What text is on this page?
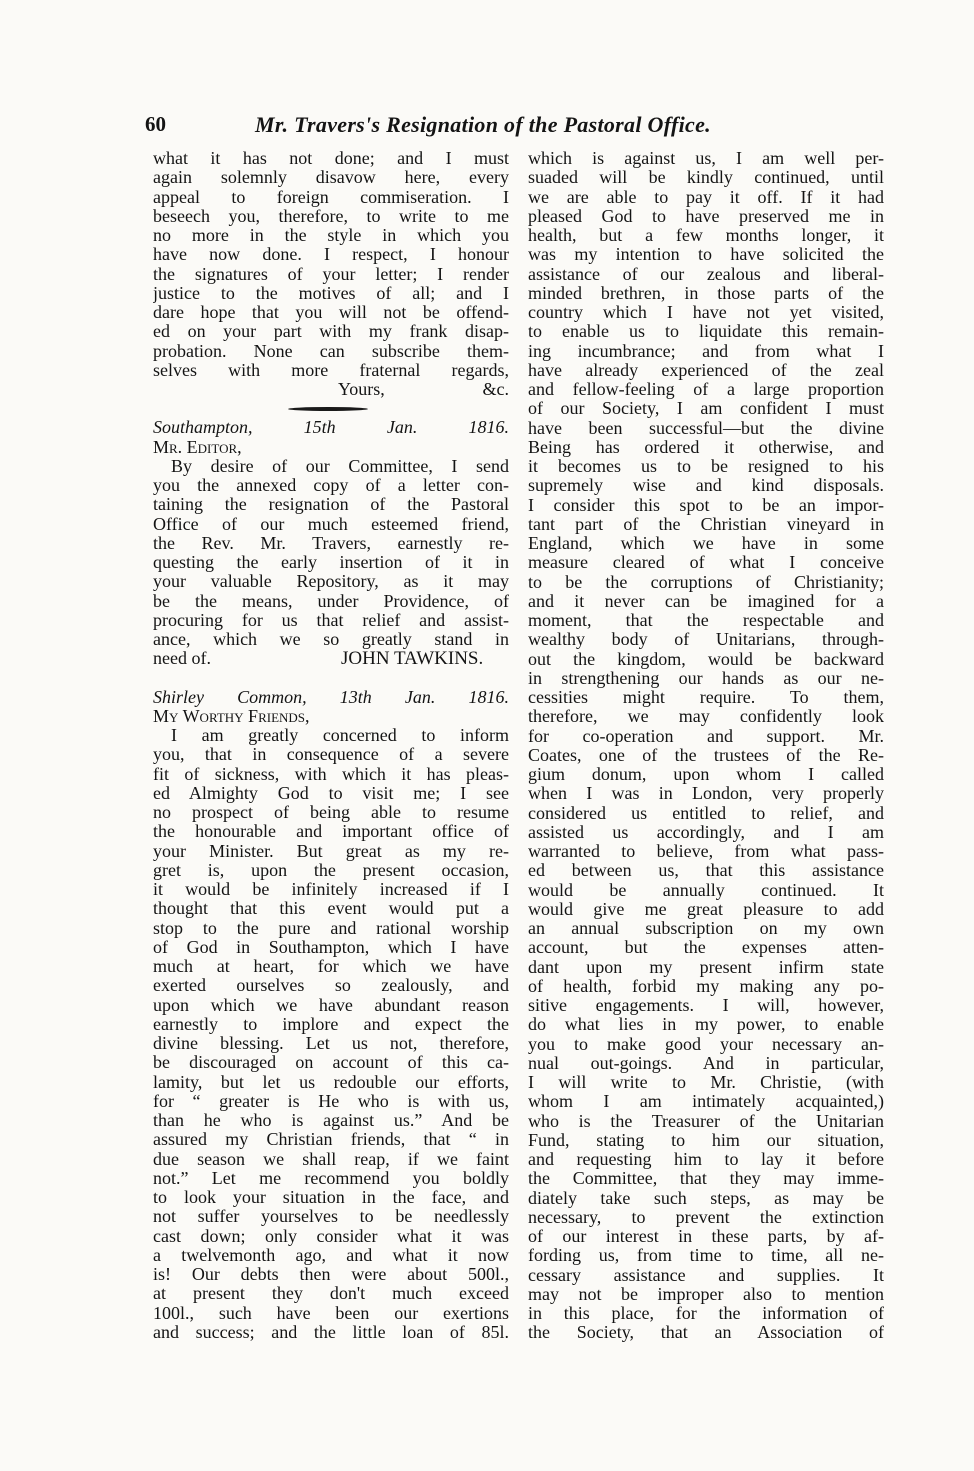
60	Mr. Travers's Resignation of the Pastoral Office.
what it has not done; and I must
again solemnly disavow here, every
appeal to foreign commiseration. I
beseech you, therefore, to write to me
no more in the style in which you
have now done. I respect, I honour
the signatures of your letter; I render
justice to the motives of all; and I
dare hope that you will not be offend-
ed on your part with my frank disap-
probation. None can subscribe them-
selves with more fraternal regards,
Yours, &c.
Southampton, 15th Jan. 1816.
Mr. Editor,
By desire of our Committee, I send
you the annexed copy of a letter con-
taining the resignation of the Pastoral
Office of our much esteemed friend,
the Rev. Mr. Travers, earnestly re-
questing the early insertion of it in
your valuable Repository, as it may
be the means, under Providence, of
procuring for us that relief and assist-
ance, which we so greatly stand in
need of.	JOHN TAWKINS.
Shirley Common, 13th Jan. 1816.
My Worthy Friends,
I am greatly concerned to inform
you, that in consequence of a severe
fit of sickness, with which it has pleas-
ed Almighty God to visit me; I see
no prospect of being able to resume
the honourable and important office of
your Minister. But great as my re-
gret is, upon the present occasion,
it would be infinitely increased if I
thought that this event would put a
stop to the pure and rational worship
of God in Southampton, which I have
much at heart, for which we have
exerted ourselves so zealously, and
upon which we have abundant reason
earnestly to implore and expect the
divine blessing. Let us not, therefore,
be discouraged on account of this ca-
lamity, but let us redouble our efforts,
for “ greater is He who is with us,
than he who is against us.” And be
assured my Christian friends, that “ in
due season we shall reap, if we faint
not.” Let me recommend you boldly
to look your situation in the face, and
not suffer yourselves to be needlessly
cast down; only consider what it was
a twelvemonth ago, and what it now
is! Our debts then were about 500l.,
at present they don't much exceed
100l., such have been our exertions
and success; and the little loan of 85l.
which is against us, I am well per-
suaded will be kindly continued, until
we are able to pay it off. If it had
pleased God to have preserved me in
health, but a few months longer, it
was my intention to have solicited the
assistance of our zealous and liberal-
minded brethren, in those parts of the
country which I have not yet visited,
to enable us to liquidate this remain-
ing incumbrance; and from what I
have already experienced of the zeal
and fellow-feeling of a large proportion
of our Society, I am confident I must
have been successful—but the divine
Being has ordered it otherwise, and
it becomes us to be resigned to his
supremely wise and kind disposals.
I consider this spot to be an impor-
tant part of the Christian vineyard in
England, which we have in some
measure cleared of what I conceive
to be the corruptions of Christianity;
and it never can be imagined for a
moment, that the respectable and
wealthy body of Unitarians, through-
out the kingdom, would be backward
in strengthening our hands as our ne-
cessities might require. To them,
therefore, we may confidently look
for co-operation and support. Mr.
Coates, one of the trustees of the Re-
gium donum, upon whom I called
when I was in London, very properly
considered us entitled to relief, and
assisted us accordingly, and I am
warranted to believe, from what pass-
ed between us, that this assistance
would be annually continued. It
would give me great pleasure to add
an annual subscription on my own
account, but the expenses atten-
dant upon my present infirm state
of health, forbid my making any po-
sitive engagements. I will, however,
do what lies in my power, to enable
you to make good your necessary an-
nual out-goings. And in particular,
I will write to Mr. Christie, (with
whom I am intimately acquainted,)
who is the Treasurer of the Unitarian
Fund, stating to him our situation,
and requesting him to lay it before
the Committee, that they may imme-
diately take such steps, as may be
necessary, to prevent the extinction
of our interest in these parts, by af-
fording us, from time to time, all ne-
cessary assistance and supplies. It
may not be improper also to mention
in this place, for the information of
the Society, that an Association of
